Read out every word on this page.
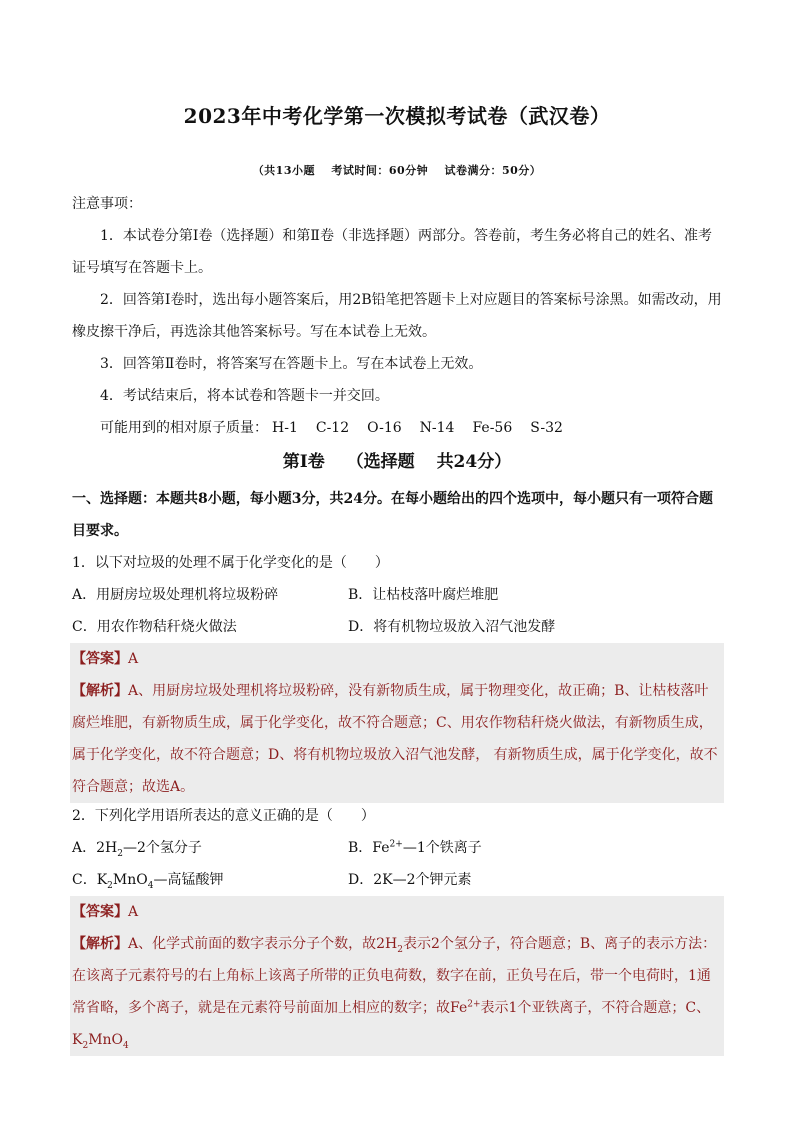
2023年中考化学第一次模拟考试卷（武汉卷）
（共13小题 考试时间：60分钟 试卷满分：50分）
注意事项：
1．本试卷分第Ⅰ卷（选择题）和第Ⅱ卷（非选择题）两部分。答卷前，考生务必将自己的姓名、准考证号填写在答题卡上。
2．回答第Ⅰ卷时，选出每小题答案后，用2B铅笔把答题卡上对应题目的答案标号涂黑。如需改动，用橡皮擦干净后，再选涂其他答案标号。写在本试卷上无效。
3．回答第Ⅱ卷时，将答案写在答题卡上。写在本试卷上无效。
4．考试结束后，将本试卷和答题卡一并交回。
可能用到的相对原子质量： H-1 C-12 O-16 N-14 Fe-56 S-32
第Ⅰ卷 （选择题 共24分）
一、选择题：本题共8小题，每小题3分，共24分。在每小题给出的四个选项中，每小题只有一项符合题目要求。
1．以下对垃圾的处理不属于化学变化的是（　　）
A．用厨房垃圾处理机将垃圾粉碎	B．让枯枝落叶腐烂堆肥
C．用农作物秸秆烧火做法	D．将有机物垃圾放入沼气池发酵
【答案】A
【解析】A、用厨房垃圾处理机将垃圾粉碎，没有新物质生成，属于物理变化，故正确；B、让枯枝落叶腐烂堆肥，有新物质生成，属于化学变化，故不符合题意；C、用农作物秸秆烧火做法，有新物质生成，属于化学变化，故不符合题意；D、将有机物垃圾放入沼气池发酵， 有新物质生成，属于化学变化，故不符合题意；故选A。
2．下列化学用语所表达的意义正确的是（　　）
A．$2H_2—2$个氢分子	B．$Fe^{2+}—1$个铁离子
C．$K_2MnO_4—$高锰酸钾	D．2K—2个钾元素
【答案】A
【解析】A、化学式前面的数字表示分子个数，故$2H_2$表示2个氢分子，符合题意；B、离子的表示方法：在该离子元素符号的右上角标上该离子所带的正负电荷数，数字在前，正负号在后，带一个电荷时，1通常省略，多个离子，就是在元素符号前面加上相应的数字；故$Fe^{2+}$表示1个亚铁离子，不符合题意；C、$K_2MnO_4$
